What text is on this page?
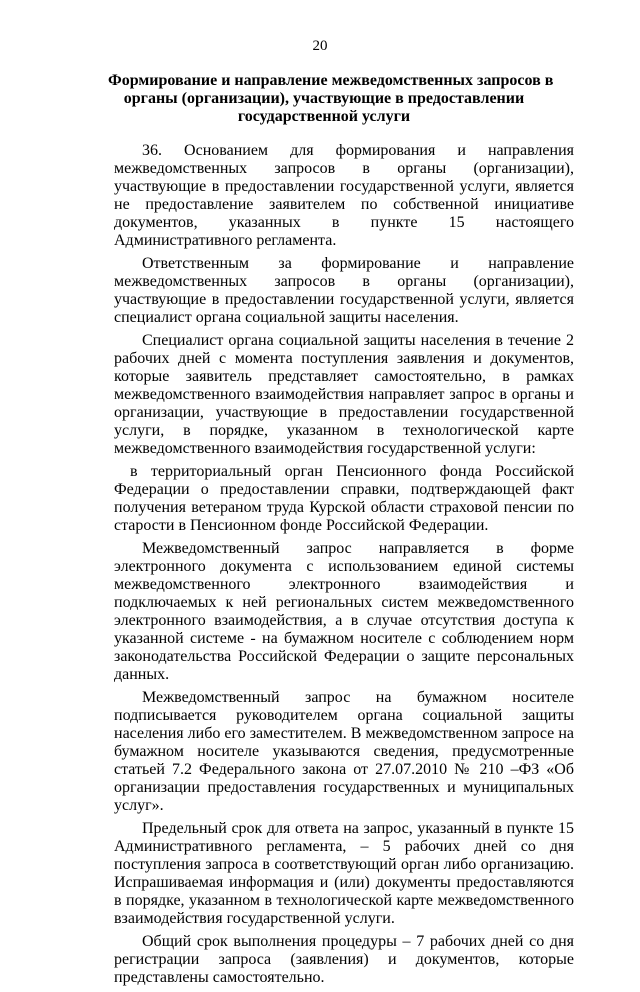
20
Формирование и направление межведомственных запросов в
органы (организации), участвующие в предоставлении
государственной услуги

36. Основанием для формирования и направления межведомственных запросов в органы (организации), участвующие в предоставлении государственной услуги, является не предоставление заявителем по собственной инициативе документов, указанных в пункте 15 настоящего Административного регламента.

Ответственным за формирование и направление межведомственных запросов в органы (организации), участвующие в предоставлении государственной услуги, является специалист органа социальной защиты населения.

Специалист органа социальной защиты населения в течение 2 рабочих дней с момента поступления заявления и документов, которые заявитель представляет самостоятельно, в рамках межведомственного взаимодействия направляет запрос в органы и организации, участвующие в предоставлении государственной услуги, в порядке, указанном в технологической карте межведомственного взаимодействия государственной услуги:

в территориальный орган Пенсионного фонда Российской Федерации о предоставлении справки, подтверждающей факт получения ветераном труда Курской области страховой пенсии по старости в Пенсионном фонде Российской Федерации.

Межведомственный запрос направляется в форме электронного документа с использованием единой системы межведомственного электронного взаимодействия и подключаемых к ней региональных систем межведомственного электронного взаимодействия, а в случае отсутствия доступа к указанной системе - на бумажном носителе с соблюдением норм законодательства Российской Федерации о защите персональных данных.

Межведомственный запрос на бумажном носителе подписывается руководителем органа социальной защиты населения либо его заместителем. В межведомственном запросе на бумажном носителе указываются сведения, предусмотренные статьей 7.2 Федерального закона от 27.07.2010 № 210 –ФЗ «Об организации предоставления государственных и муниципальных услуг».

Предельный срок для ответа на запрос, указанный в пункте 15 Административного регламента, – 5 рабочих дней со дня поступления запроса в соответствующий орган либо организацию. Испрашиваемая информация и (или) документы предоставляются в порядке, указанном в технологической карте межведомственного взаимодействия государственной услуги.

Общий срок выполнения процедуры – 7 рабочих дней со дня регистрации запроса (заявления) и документов, которые представлены самостоятельно.
